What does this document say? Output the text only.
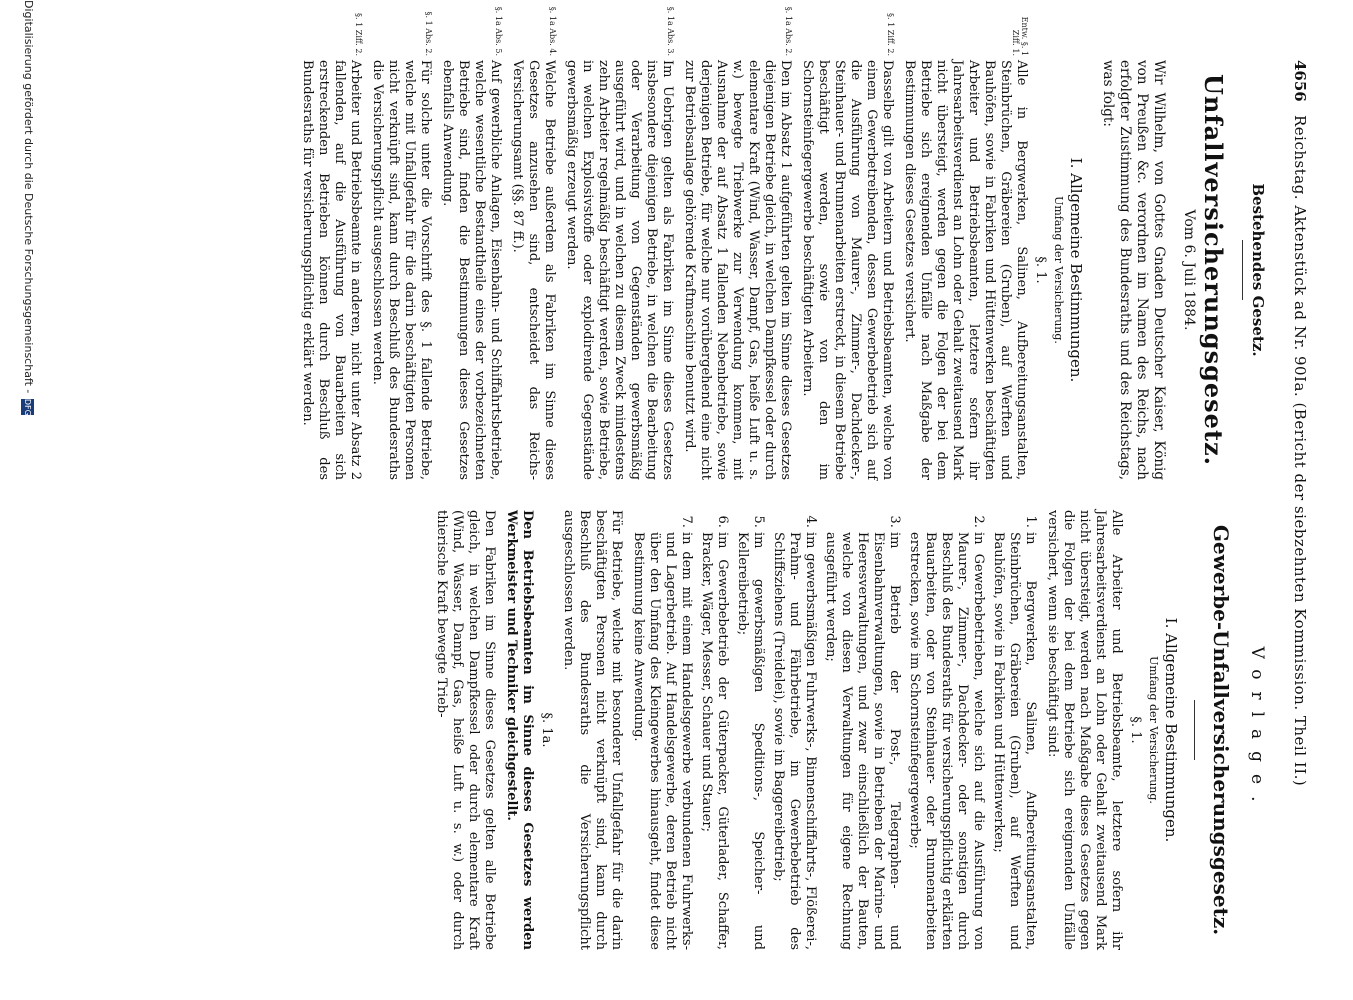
4656
Reichstag. Aktenstück ad Nr. 90Ia. (Bericht der siebzehnten Kommission. Theil II.)
Bestehendes Gesetz.
Unfallversicherungsgesetz.
Vom 6. Juli 1884.

Wir Wilhelm, von Gottes Gnaden Deutscher Kaiser, König von Preußen &c. verordnen im Namen des Reichs, nach erfolgter Zustimmung des Bundesraths und des Reichstags, was folgt:

I. Allgemeine Bestimmungen.
Umfang der Versicherung.
§. 1.
Entw. §. 1 Ziff. 1.

Alle in Bergwerken, Salinen, Aufbereitungsanstalten, Steinbrüchen, Gräbereien (Gruben), auf Werften und Bauhöfen, sowie in Fabriken und Hüttenwerken beschäftigten Arbeiter und Betriebsbeamten, letztere sofern ihr Jahresarbeitsverdienst an Lohn oder Gehalt zweitausend Mark nicht übersteigt, werden gegen die Folgen der bei dem Betriebe sich ereignenden Unfälle nach Maßgabe der Bestimmungen dieses Gesetzes versichert.

§. 1 Ziff. 2.

Dasselbe gilt von Arbeitern und Betriebsbeamten, welche von einem Gewerbetreibenden, dessen Gewerbebetrieb sich auf die Ausführung von Maurer-, Zimmer-, Dachdecker-, Steinhauer- und Brunnenarbeiten erstreckt, in diesem Betriebe beschäftigt werden, sowie von den im Schornsteinfegergewerbe beschäftigten Arbeitern.

§. 1a Abs. 2.

Den im Absatz 1 aufgeführten gelten im Sinne dieses Gesetzes diejenigen Betriebe gleich, in welchen Dampfkessel oder durch elementare Kraft (Wind, Wasser, Dampf, Gas, heiße Luft u. s. w.) bewegte Triebwerke zur Verwendung kommen, mit Ausnahme der auf Absatz 1 fallenden Nebenbetriebe, sowie derjenigen Betriebe, für welche nur vorübergehend eine nicht zur Betriebsanlage gehörende Kraftmaschine benutzt wird.

§. 1a Abs. 3.

Im Uebrigen gelten als Fabriken im Sinne dieses Gesetzes insbesondere diejenigen Betriebe, in welchen die Bearbeitung oder Verarbeitung von Gegenständen gewerbsmäßig ausgeführt wird, und in welchen zu diesem Zweck mindestens zehn Arbeiter regelmäßig beschäftigt werden, sowie Betriebe, in welchen Explosivstoffe oder explodirende Gegenstände gewerbsmäßig erzeugt werden.

§. 1a Abs. 4.

Welche Betriebe außerdem als Fabriken im Sinne dieses Gesetzes anzusehen sind, entscheidet das Reichs-Versicherungsamt (§§. 87 ff.).

§. 1a Abs. 5.

Auf gewerbliche Anlagen, Eisenbahn- und Schiffahrtsbetriebe, welche wesentliche Bestandtheile eines der vorbezeichneten Betriebe sind, finden die Bestimmungen dieses Gesetzes ebenfalls Anwendung.

§. 1 Abs. 2.

Für solche unter die Vorschrift des §. 1 fallende Betriebe, welche mit Unfallgefahr für die darin beschäftigten Personen nicht verknüpft sind, kann durch Beschluß des Bundesraths die Versicherungspflicht ausgeschlossen werden.

§. 1 Ziff. 2.

Arbeiter und Betriebsbeamte in anderen, nicht unter Absatz 2 fallenden, auf die Ausführung von Bauarbeiten sich erstreckenden Betrieben können durch Beschluß des Bundesraths für versicherungspflichtig erklärt werden.

Vorlage.
Gewerbe-Unfallversicherungsgesetz.
I. Allgemeine Bestimmungen.
Umfang der Versicherung.
§. 1.

Alle Arbeiter und Betriebsbeamte, letztere sofern ihr Jahresarbeitsverdienst an Lohn oder Gehalt zweitausend Mark nicht übersteigt, werden nach Maßgabe dieses Gesetzes gegen die Folgen der bei dem Betriebe sich ereignenden Unfälle versichert, wenn sie beschäftigt sind:

1. in Bergwerken, Salinen, Aufbereitungsanstalten, Steinbrüchen, Gräbereien (Gruben), auf Werften und Bauhöfen, sowie in Fabriken und Hüttenwerken;
2. in Gewerbebetrieben, welche sich auf die Ausführung von Maurer-, Zimmer-, Dachdecker- oder sonstigen durch Beschluß des Bundesraths für versicherungspflichtig erklärten Bauarbeiten, oder von Steinhauer- oder Brunnenarbeiten erstrecken, sowie im Schornsteinfegergewerbe;
3. im Betrieb der Post-, Telegraphen- und Eisenbahnverwaltungen, sowie in Betrieben der Marine- und Heeresverwaltungen, und zwar einschließlich der Bauten, welche von diesen Verwaltungen für eigene Rechnung ausgeführt werden;
4. im gewerbsmäßigen Fuhrwerks-, Binnenschiffahrts-, Flößerei-, Prahm- und Fährbetriebe, im Gewerbebetrieb des Schiffsziehens (Treidelei), sowie im Baggereibetrieb;
5. im gewerbsmäßigen Speditions-, Speicher- und Kellereibetrieb;
6. im Gewerbebetrieb der Güterpacker, Güterlader, Schaffer, Bracker, Wäger, Messer, Schauer und Stauer;
7. in dem mit einem Handelsgewerbe verbundenen Fuhrwerks- und Lagerbetrieb. Auf Handelsgewerbe, deren Betrieb nicht über den Umfang des Kleingewerbes hinausgeht, findet diese Bestimmung keine Anwendung.

Für Betriebe, welche mit besonderer Unfallgefahr für die darin beschäftigten Personen nicht verknüpft sind, kann durch Beschluß des Bundesraths die Versicherungspflicht ausgeschlossen werden.

§. 1a.

Den Betriebsbeamten im Sinne dieses Gesetzes werden Werkmeister und Techniker gleichgestellt.

Den Fabriken im Sinne dieses Gesetzes gelten alle Betriebe gleich, in welchen Dampfkessel oder durch elementare Kraft (Wind, Wasser, Dampf, Gas, heiße Luft u. s. w.) oder durch thierische Kraft bewegte Trieb-

Digitalisierung gefördert durch die Deutsche Forschungsgemeinschaft - DFG
